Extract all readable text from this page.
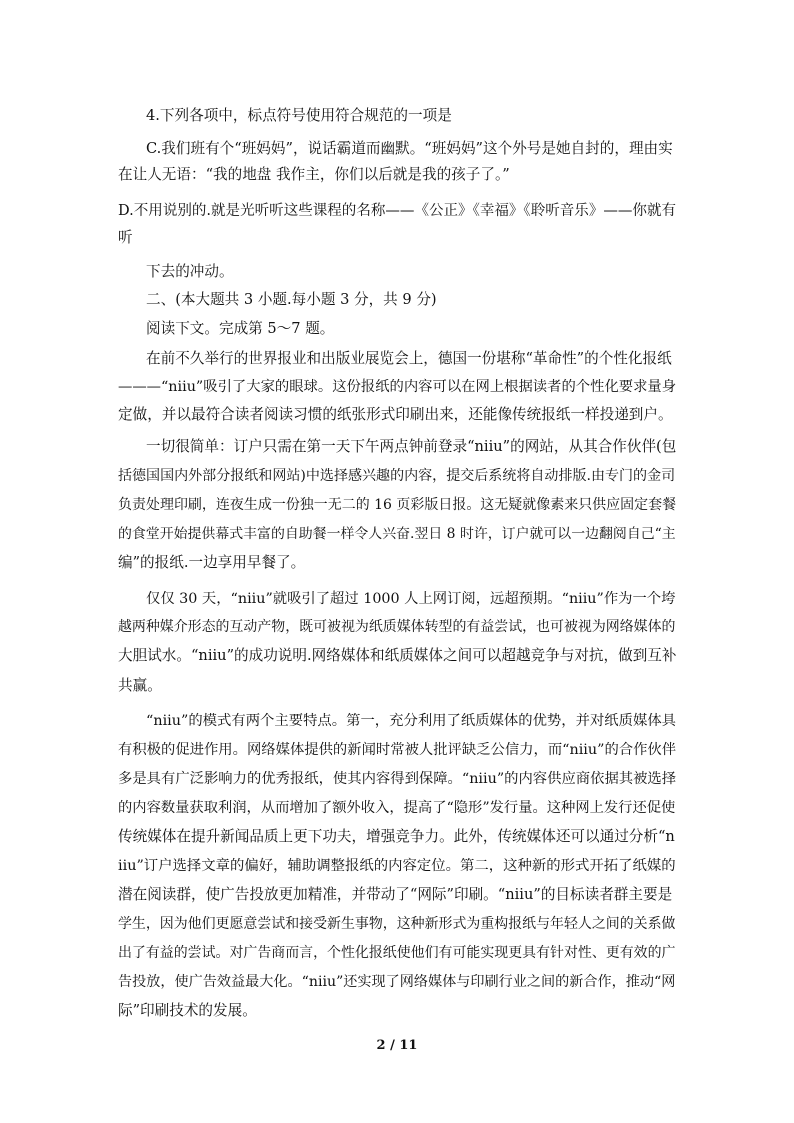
4.下列各项中，标点符号使用符合规范的一项是
C.我们班有个“班妈妈”，说话霸道而幽默。“班妈妈”这个外号是她自封的，理由实
在让人无语：“我的地盘 我作主，你们以后就是我的孩子了。”
D.不用说别的.就是光听听这些课程的名称——《公正》《幸福》《聆听音乐》——你就有
听
下去的冲动。
二、(本大题共 3 小题.每小题 3 分，共 9 分)
阅读下文。完成第 5～7 题。
在前不久举行的世界报业和出版业展览会上，德国一份堪称“革命性”的个性化报纸
———“niiu”吸引了大家的眼球。这份报纸的内容可以在网上根据读者的个性化要求量身
定做，并以最符合读者阅读习惯的纸张形式印刷出来，还能像传统报纸一样投递到户。
一切很简单：订户只需在第一天下午两点钟前登录“niiu”的网站，从其合作伙伴(包
括德国国内外部分报纸和网站)中选择感兴趣的内容，提交后系统将自动排版.由专门的金司
负责处理印刷，连夜生成一份独一无二的 16 页彩版日报。这无疑就像素来只供应固定套餐
的食堂开始提供幕式丰富的自助餐一样令人兴奋.翌日 8 时许，订户就可以一边翻阅自己“主
编”的报纸.一边享用早餐了。
仅仅 30 天，“niiu”就吸引了超过 1000 人上网订阅，远超预期。“niiu”作为一个垮
越两种媒介形态的互动产物，既可被视为纸质媒体转型的有益尝试，也可被视为网络媒体的
大胆试水。“niiu”的成功说明.网络媒体和纸质媒体之间可以超越竞争与对抗，做到互补
共赢。
“niiu”的模式有两个主要特点。第一，充分利用了纸质媒体的优势，并对纸质媒体具
有积极的促进作用。网络媒体提供的新闻时常被人批评缺乏公信力，而“niiu”的合作伙伴
多是具有广泛影响力的优秀报纸，使其内容得到保障。“niiu”的内容供应商依据其被选择
的内容数量获取利润，从而增加了额外收入，提高了“隐形”发行量。这种网上发行还促使
传统媒体在提升新闻品质上更下功夫，增强竞争力。此外，传统媒体还可以通过分析“n
iiu”订户选择文章的偏好，辅助调整报纸的内容定位。第二，这种新的形式开拓了纸媒的
潜在阅读群，使广告投放更加精准，并带动了“网际”印刷。“niiu”的目标读者群主要是
学生，因为他们更愿意尝试和接受新生事物，这种新形式为重构报纸与年轻人之间的关系做
出了有益的尝试。对广告商而言，个性化报纸使他们有可能实现更具有针对性、更有效的广
告投放，使广告效益最大化。“niiu”还实现了网络媒体与印刷行业之间的新合作，推动“网
际”印刷技术的发展。
2 / 11
